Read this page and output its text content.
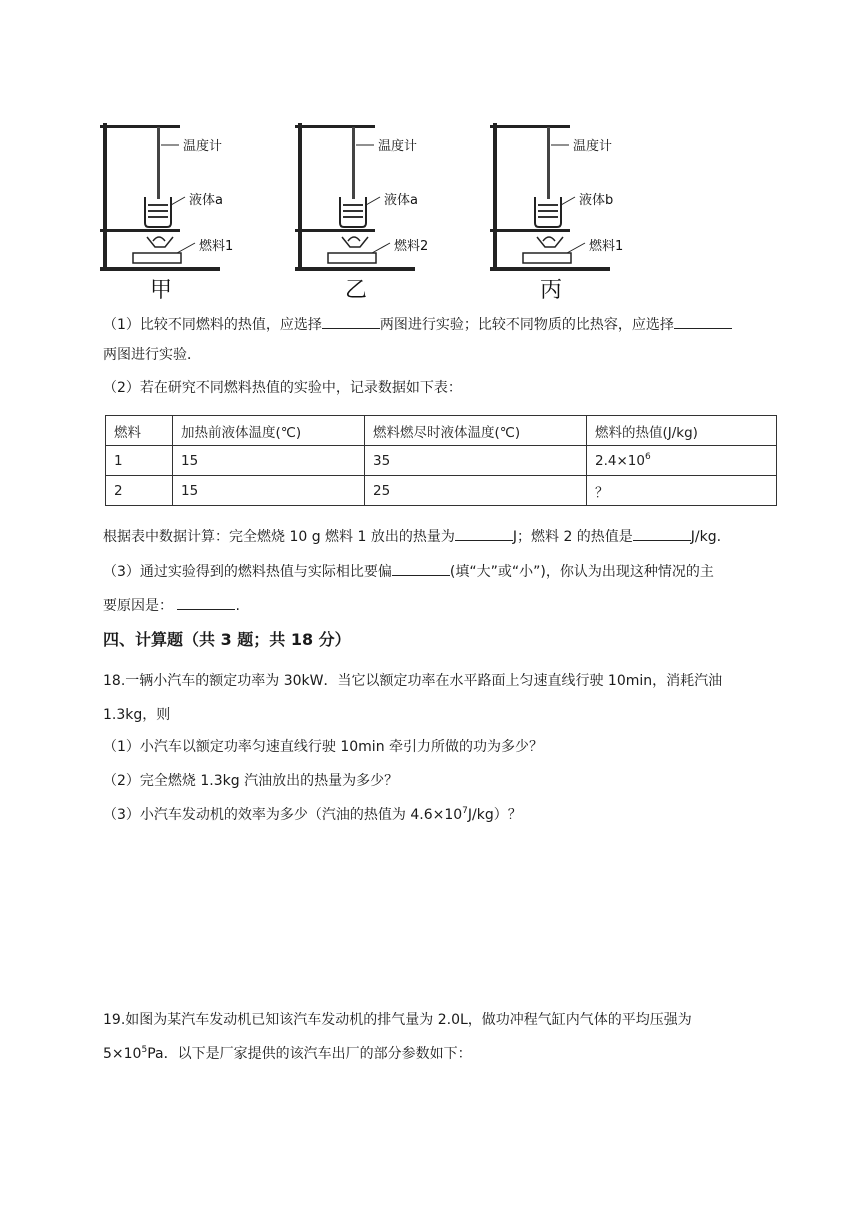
温度计
液体a
燃料1
甲
温度计
液体a
燃料2
乙
温度计
液体b
燃料1
丙
（1）比较不同燃料的热值，应选择	两图进行实验；比较不同物质的比热容，应选择
两图进行实验．
（2）若在研究不同燃料热值的实验中，记录数据如下表：
燃料	加热前液体温度(℃)	燃料燃尽时液体温度(℃)	燃料的热值(J/kg)
1	15	35	$2.4\times 10^6$
2	15	25	？
根据表中数据计算：完全燃烧 10 g 燃料 1 放出的热量为	J；燃料 2 的热值是	J/kg.
（3）通过实验得到的燃料热值与实际相比要偏	(填“大”或“小”)，你认为出现这种情况的主
要原因是：	.
四、计算题（共 3 题；共 18 分）
18.一辆小汽车的额定功率为 30kW．当它以额定功率在水平路面上匀速直线行驶 10min，消耗汽油
1.3kg，则
（1）小汽车以额定功率匀速直线行驶 10min 牵引力所做的功为多少？
（2）完全燃烧 1.3kg 汽油放出的热量为多少？
（3）小汽车发动机的效率为多少（汽油的热值为 $4.6\times 10^7J/kg$）？
19.如图为某汽车发动机已知该汽车发动机的排气量为 2.0L，做功冲程气缸内气体的平均压强为
$5\times 10^5Pa$．以下是厂家提供的该汽车出厂的部分参数如下：
